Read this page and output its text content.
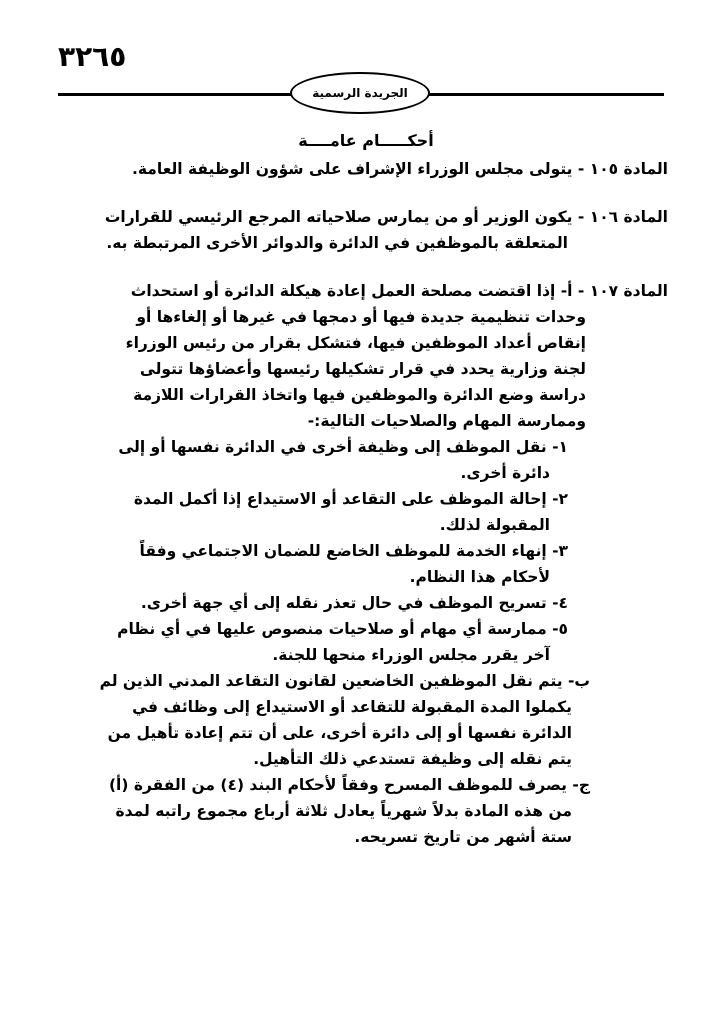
٣٢٦٥
الجريدة الرسمية

أحكـــــام عامــــة

المادة ١٠٥ - يتولى مجلس الوزراء الإشراف على شؤون الوظيفة العامة.

المادة ١٠٦ - يكون الوزير أو من يمارس صلاحياته المرجع الرئيسي للقرارات

المتعلقة بالموظفين في الدائرة والدوائر الأخرى المرتبطة به.

المادة ١٠٧ - أ- إذا اقتضت مصلحة العمل إعادة هيكلة الدائرة أو استحداث

وحدات تنظيمية جديدة فيها أو دمجها في غيرها أو إلغاءها أو إنقاص أعداد الموظفين فيها، فتشكل بقرار من رئيس الوزراء لجنة وزارية يحدد في قرار تشكيلها رئيسها وأعضاؤها تتولى دراسة وضع الدائرة والموظفين فيها واتخاذ القرارات اللازمة وممارسة المهام والصلاحيات التالية:-

١- نقل الموظف إلى وظيفة أخرى في الدائرة نفسها أو إلى دائرة أخرى.

٢- إحالة الموظف على التقاعد أو الاستيداع إذا أكمل المدة المقبولة لذلك.

٣- إنهاء الخدمة للموظف الخاضع للضمان الاجتماعي وفقاً لأحكام هذا النظام.

٤- تسريح الموظف في حال تعذر نقله إلى أي جهة أخرى.

٥- ممارسة أي مهام أو صلاحيات منصوص عليها في أي نظام آخر يقرر مجلس الوزراء منحها للجنة.

ب- يتم نقل الموظفين الخاضعين لقانون التقاعد المدني الذين لم يكملوا المدة المقبولة للتقاعد أو الاستيداع إلى وظائف في الدائرة نفسها أو إلى دائرة أخرى، على أن تتم إعادة تأهيل من يتم نقله إلى وظيفة تستدعي ذلك التأهيل.

ج- يصرف للموظف المسرح وفقاً لأحكام البند (٤) من الفقرة (أ) من هذه المادة بدلاً شهرياً يعادل ثلاثة أرباع مجموع راتبه لمدة ستة أشهر من تاريخ تسريحه.
